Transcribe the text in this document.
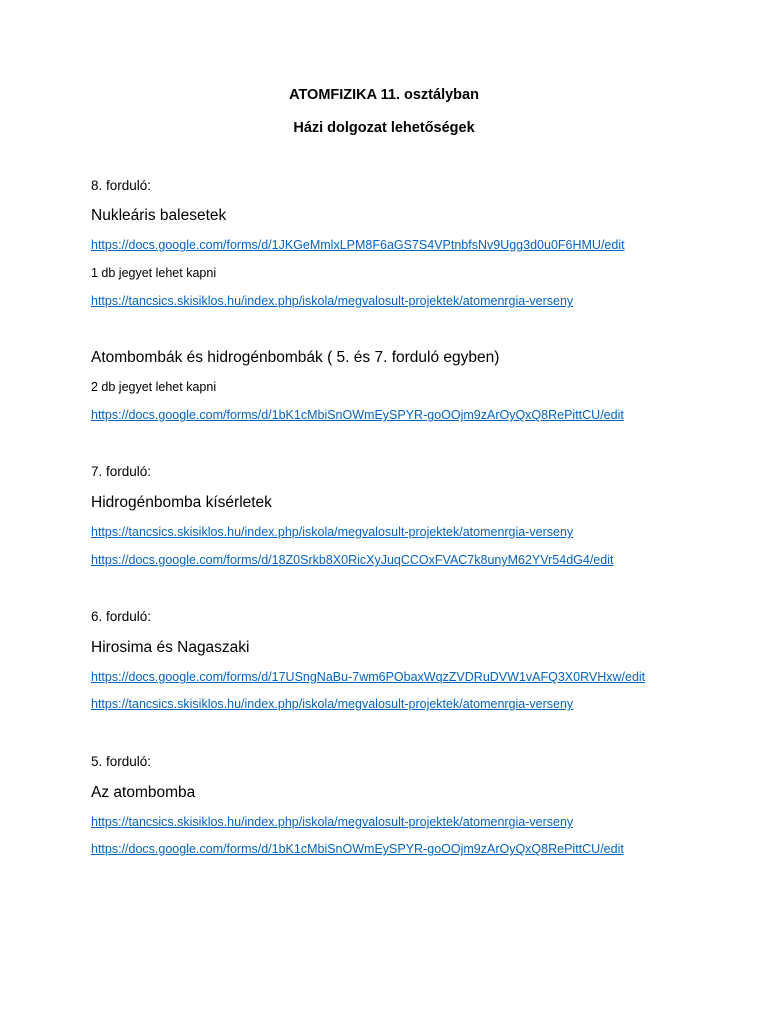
ATOMFIZIKA 11. osztályban
Házi dolgozat lehetőségek
8. forduló:
Nukleáris balesetek
https://docs.google.com/forms/d/1JKGeMmlxLPM8F6aGS7S4VPtnbfsNv9Ugg3d0u0F6HMU/edit
1 db jegyet lehet kapni
https://tancsics.skisiklos.hu/index.php/iskola/megvalosult-projektek/atomenrgia-verseny
Atombombák és hidrogénbombák ( 5. és 7. forduló egyben)
2 db jegyet lehet kapni
https://docs.google.com/forms/d/1bK1cMbiSnOWmEySPYR-goOOjm9zArOyQxQ8RePittCU/edit
7. forduló:
Hidrogénbomba kísérletek
https://tancsics.skisiklos.hu/index.php/iskola/megvalosult-projektek/atomenrgia-verseny
https://docs.google.com/forms/d/18Z0Srkb8X0RicXyJuqCCOxFVAC7k8unyM62YVr54dG4/edit
6. forduló:
Hirosima és Nagaszaki
https://docs.google.com/forms/d/17USngNaBu-7wm6PObaxWqzZVDRuDVW1vAFQ3X0RVHxw/edit
https://tancsics.skisiklos.hu/index.php/iskola/megvalosult-projektek/atomenrgia-verseny
5. forduló:
Az atombomba
https://tancsics.skisiklos.hu/index.php/iskola/megvalosult-projektek/atomenrgia-verseny
https://docs.google.com/forms/d/1bK1cMbiSnOWmEySPYR-goOOjm9zArOyQxQ8RePittCU/edit
